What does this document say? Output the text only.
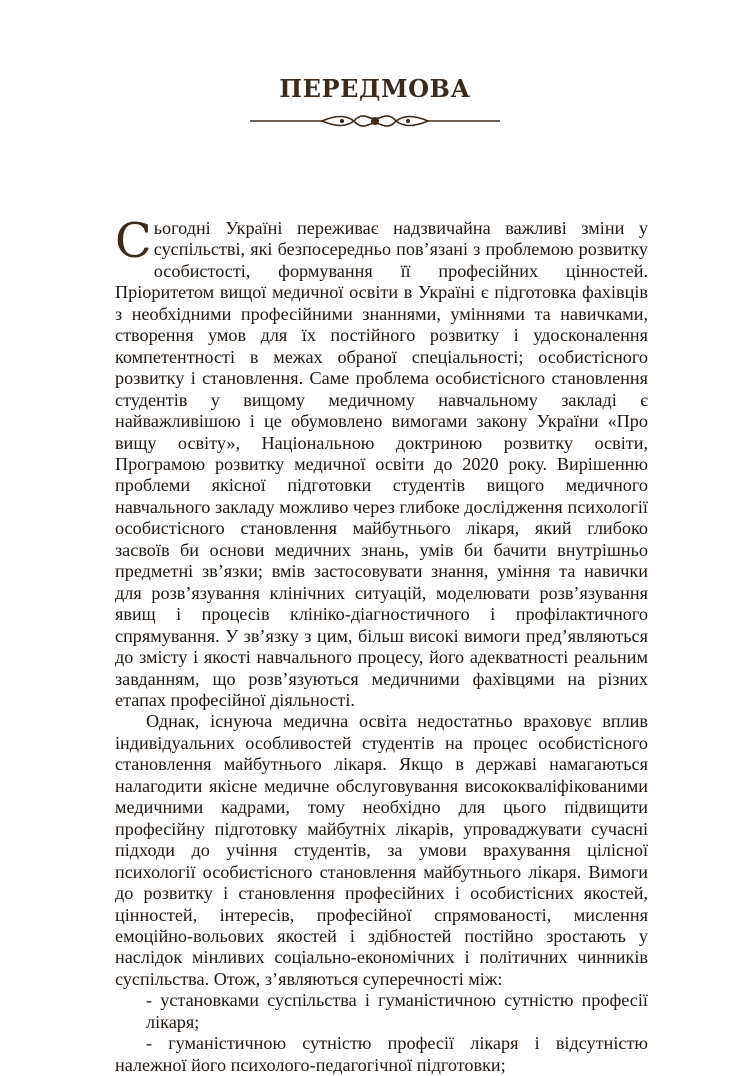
ПЕРЕДМОВА

Сьогодні Україні переживає надзвичайна важливі зміни у суспільстві, які безпосередньо пов’язані з проблемою розвитку особистості, формування її професійних цінностей. Пріоритетом вищої медичної освіти в Україні є підготовка фахівців з необхідними професійними знаннями, уміннями та навичками, створення умов для їх постійного розвитку і удосконалення компетентності в межах обраної спеціальності; особистісного розвитку і становлення. Саме проблема особистісного становлення студентів у вищому медичному навчальному закладі є найважливішою і це обумовлено вимогами закону України «Про вищу освіту», Національною доктриною розвитку освіти, Програмою розвитку медичної освіти до 2020 року. Вирішенню проблеми якісної підготовки студентів вищого медичного навчального закладу можливо через глибоке дослідження психології особистісного становлення майбутнього лікаря, який глибоко засвоїв би основи медичних знань, умів би бачити внутрішньо предметні зв’язки; вмів застосовувати знання, уміння та навички для розв’язування клінічних ситуацій, моделювати розв’язування явищ і процесів клініко-діагностичного і профілактичного спрямування. У зв’язку з цим, більш високі вимоги пред’являються до змісту і якості навчального процесу, його адекватності реальним завданням, що розв’язуються медичними фахівцями на різних етапах професійної діяльності.

Однак, існуюча медична освіта недостатньо враховує вплив індивідуальних особливостей студентів на процес особистісного становлення майбутнього лікаря. Якщо в державі намагаються налагодити якісне медичне обслуговування висококваліфікованими медичними кадрами, тому необхідно для цього підвищити професійну підготовку майбутніх лікарів, упроваджувати сучасні підходи до учіння студентів, за умови врахування цілісної психології особистісного становлення майбутнього лікаря. Вимоги до розвитку і становлення професійних і особистісних якостей, цінностей, інтересів, професійної спрямованості, мислення емоційно-вольових якостей і здібностей постійно зростають у наслідок мінливих соціально-економічних і політичних чинників суспільства. Отож, з’являються суперечності між:

- установками суспільства і гуманістичною сутністю професії лікаря;

- гуманістичною сутністю професії лікаря і відсутністю належної його психолого-педагогічної підготовки;
